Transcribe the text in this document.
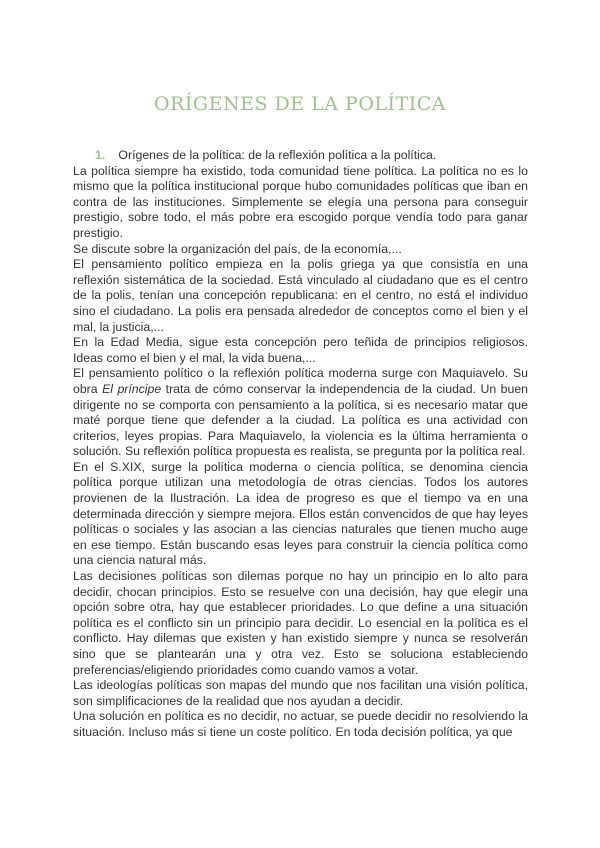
ORÍGENES DE LA POLÍTICA

1. Orígenes de la política: de la reflexión política a la política.

La política siempre ha existido, toda comunidad tiene política. La política no es lo mismo que la política institucional porque hubo comunidades políticas que iban en contra de las instituciones. Simplemente se elegía una persona para conseguir prestigio, sobre todo, el más pobre era escogido porque vendía todo para ganar prestigio.

Se discute sobre la organización del país, de la economía,...

El pensamiento político empieza en la polis griega ya que consistía en una reflexión sistemática de la sociedad. Está vinculado al ciudadano que es el centro de la polis, tenían una concepción republicana: en el centro, no está el individuo sino el ciudadano. La polis era pensada alrededor de conceptos como el bien y el mal, la justicia,...

En la Edad Media, sigue esta concepción pero teñida de principios religiosos. Ideas como el bien y el mal, la vida buena,...

El pensamiento político o la reflexión política moderna surge con Maquiavelo. Su obra El príncipe trata de cómo conservar la independencia de la ciudad. Un buen dirigente no se comporta con pensamiento a la política, si es necesario matar que maté porque tiene que defender a la ciudad. La política es una actividad con criterios, leyes propias. Para Maquiavelo, la violencia es la última herramienta o solución. Su reflexión política propuesta es realista, se pregunta por la política real.

En el S.XIX, surge la política moderna o ciencia política, se denomina ciencia política porque utilizan una metodología de otras ciencias. Todos los autores provienen de la Ilustración. La idea de progreso es que el tiempo va en una determinada dirección y siempre mejora. Ellos están convencidos de que hay leyes políticas o sociales y las asocian a las ciencias naturales que tienen mucho auge en ese tiempo. Están buscando esas leyes para construir la ciencia política como una ciencia natural más.

Las decisiones políticas son dilemas porque no hay un principio en lo alto para decidir, chocan principios. Esto se resuelve con una decisión, hay que elegir una opción sobre otra, hay que establecer prioridades. Lo que define a una situación política es el conflicto sin un principio para decidir. Lo esencial en la política es el conflicto. Hay dilemas que existen y han existido siempre y nunca se resolverán sino que se plantearán una y otra vez. Esto se soluciona estableciendo preferencias/eligiendo prioridades como cuando vamos a votar.

Las ideologías políticas son mapas del mundo que nos facilitan una visión política, son simplificaciones de la realidad que nos ayudan a decidir.

Una solución en política es no decidir, no actuar, se puede decidir no resolviendo la situación. Incluso más si tiene un coste político. En toda decisión política, ya que
